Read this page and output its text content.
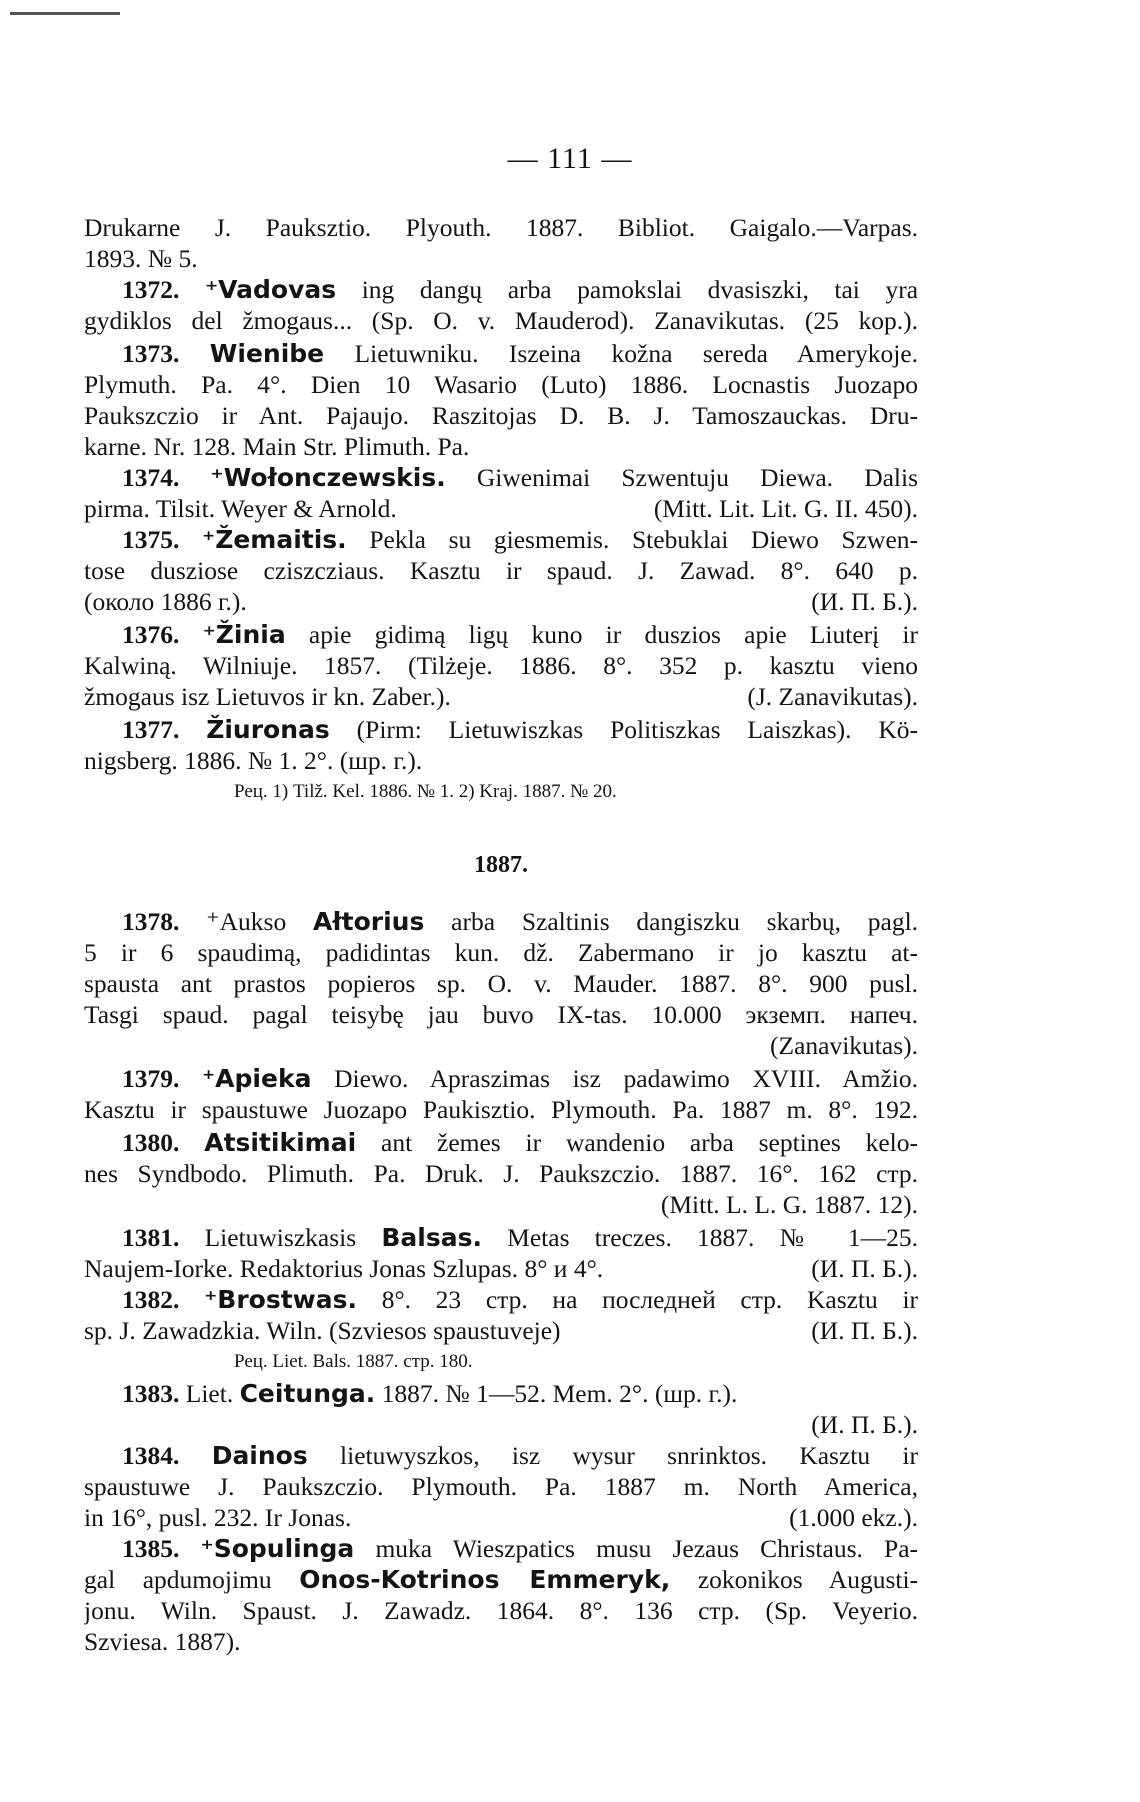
— 111 —
Drukarne J. Pauksztio. Plyouth. 1887. Bibliot. Gaigalo.—Varpas.
1893. № 5.
1372. ⁺Vadovas ing dangų arba pamokslai dvasiszki, tai yra
gydiklos del žmogaus... (Sp. O. v. Mauderod). Zanavikutas. (25 kop.).
1373. Wienibe Lietuwniku. Iszeina kožna sereda Amerykoje.
Plymuth. Pa. 4°. Dien 10 Wasario (Luto) 1886. Locnastis Juozapo
Paukszczio ir Ant. Pajaujo. Raszitojas D. B. J. Tamoszauckas. Dru-
karne. Nr. 128. Main Str. Plimuth. Pa.
1374. ⁺Wołonczewskis. Giwenimai Szwentuju Diewa. Dalis
pirma. Tilsit. Weyer & Arnold.	(Mitt. Lit. Lit. G. II. 450).
1375. ⁺Žemaitis. Pekla su giesmemis. Stebuklai Diewo Szwen-
tose dusziose cziszcziaus. Kasztu ir spaud. J. Zawad. 8°. 640 p.
(около 1886 г.).	(И. П. Б.).
1376. ⁺Žinia apie gidimą ligų kuno ir duszios apie Liuterį ir
Kalwiną. Wilniuje. 1857. (Tilżeje. 1886. 8°. 352 p. kasztu vieno
žmogaus isz Lietuvos ir kn. Zaber.).	(J. Zanavikutas).
1377. Žiuronas (Pirm: Lietuwiszkas Politiszkas Laiszkas). Kö-
nigsberg. 1886. № 1. 2°. (шр. г.).
Рец. 1) Tilž. Kel. 1886. № 1. 2) Kraj. 1887. № 20.
1887.
1378. ⁺Aukso Ałtorius arba Szaltinis dangiszku skarbų, pagl.
5 ir 6 spaudimą, padidintas kun. dž. Zabermano ir jo kasztu at-
spausta ant prastos popieros sp. O. v. Mauder. 1887. 8°. 900 pusl.
Tasgi spaud. pagal teisybę jau buvo IX-tas. 10.000 экземп. напеч.
(Zanavikutas).
1379. ⁺Apieka Diewo. Apraszimas isz padawimo XVIII. Amžio.
Kasztu ir spaustuwe Juozapo Paukisztio. Plymouth. Pa. 1887 m. 8°. 192.
1380. Atsitikimai ant žemes ir wandenio arba septines kelo-
nes Syndbodo. Plimuth. Pa. Druk. J. Paukszczio. 1887. 16°. 162 стр.
(Mitt. L. L. G. 1887. 12).
1381. Lietuwiszkasis Balsas. Metas treczes. 1887. № 1—25.
Naujem-Iorke. Redaktorius Jonas Szlupas. 8° и 4°.	(И. П. Б.).
1382. ⁺Brostwas. 8°. 23 стр. на последней стр. Kasztu ir
sp. J. Zawadzkia. Wiln. (Szviesos spaustuveje)	(И. П. Б.).
Рец. Liet. Bals. 1887. стр. 180.
1383. Liet. Ceitunga. 1887. № 1—52. Mem. 2°. (шр. г.).
(И. П. Б.).
1384. Dainos lietuwyszkos, isz wysur snrinktos. Kasztu ir
spaustuwe J. Paukszczio. Plymouth. Pa. 1887 m. North America,
in 16°, pusl. 232. Ir Jonas.	(1.000 ekz.).
1385. ⁺Sopulinga muka Wieszpatics musu Jezaus Christaus. Pa-
gal apdumojimu Onos-Kotrinos Emmeryk, zokonikos Augusti-
jonu. Wiln. Spaust. J. Zawadz. 1864. 8°. 136 стр. (Sp. Veyerio.
Szviesa. 1887).
